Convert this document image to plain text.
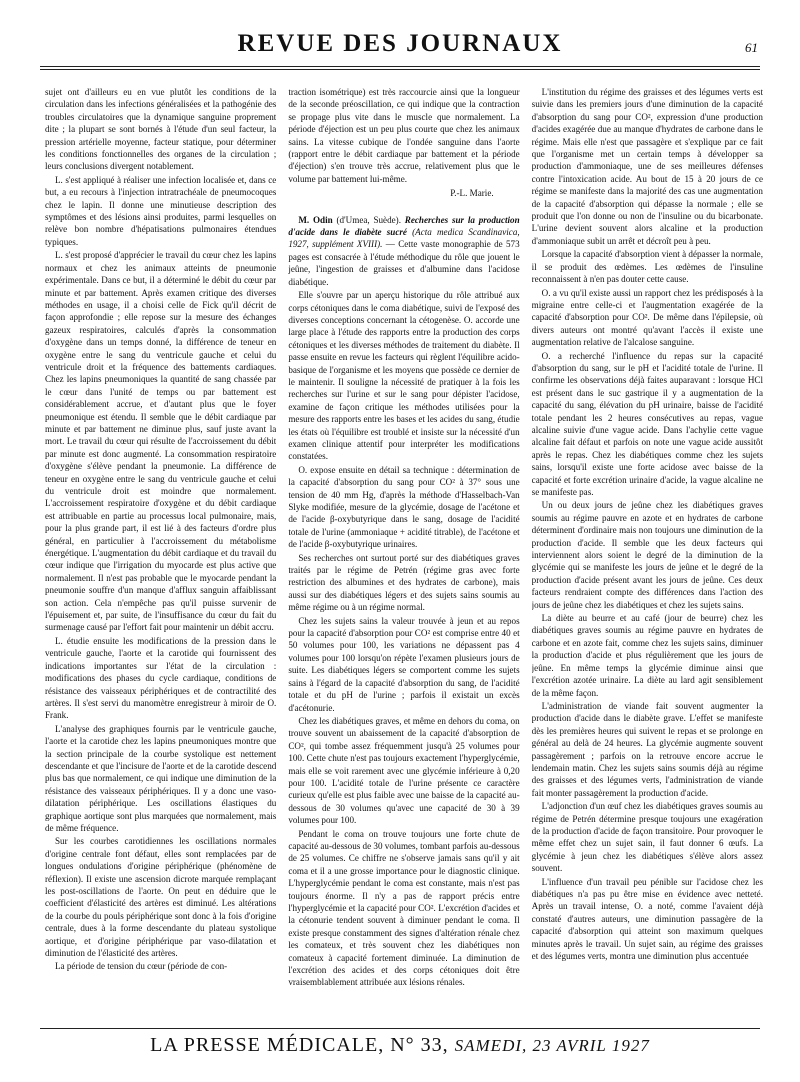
REVUE DES JOURNAUX	61

sujet ont d'ailleurs eu en vue plutôt les conditions de la circulation dans les infections généralisées et la pathogénie des troubles circulatoires que la dynamique sanguine proprement dite ; la plupart se sont bornés à l'étude d'un seul facteur, la pression artérielle moyenne, facteur statique, pour déterminer les conditions fonctionnelles des organes de la circulation ; leurs conclusions divergent notablement.

L. s'est appliqué à réaliser une infection localisée et, dans ce but, a eu recours à l'injection intratrachéale de pneumocoques chez le lapin. Il donne une minutieuse description des symptômes et des lésions ainsi produites, parmi lesquelles on relève bon nombre d'hépatisations pulmonaires étendues typiques.

L. s'est proposé d'apprécier le travail du cœur chez les lapins normaux et chez les animaux atteints de pneumonie expérimentale. Dans ce but, il a déterminé le débit du cœur par minute et par battement. Après examen critique des diverses méthodes en usage, il a choisi celle de Fick qu'il décrit de façon approfondie ; elle repose sur la mesure des échanges gazeux respiratoires, calculés d'après la consommation d'oxygène dans un temps donné, la différence de teneur en oxygène entre le sang du ventricule gauche et celui du ventricule droit et la fréquence des battements cardiaques. Chez les lapins pneumoniques la quantité de sang chassée par le cœur dans l'unité de temps ou par battement est considérablement accrue, et d'autant plus que le foyer pneumonique est étendu. Il semble que le débit cardiaque par minute et par battement ne diminue plus, sauf juste avant la mort. Le travail du cœur qui résulte de l'accroissement du débit par minute est donc augmenté. La consommation respiratoire d'oxygène s'élève pendant la pneumonie. La différence de teneur en oxygène entre le sang du ventricule gauche et celui du ventricule droit est moindre que normalement. L'accroissement respiratoire d'oxygène et du débit cardiaque est attribuable en partie au processus local pulmonaire, mais, pour la plus grande part, il est lié à des facteurs d'ordre plus général, en particulier à l'accroissement du métabolisme énergétique. L'augmentation du débit cardiaque et du travail du cœur indique que l'irrigation du myocarde est plus active que normalement. Il n'est pas probable que le myocarde pendant la pneumonie souffre d'un manque d'afflux sanguin affaiblissant son action. Cela n'empêche pas qu'il puisse survenir de l'épuisement et, par suite, de l'insuffisance du cœur du fait du surmenage causé par l'effort fait pour maintenir un débit accru.

L. étudie ensuite les modifications de la pression dans le ventricule gauche, l'aorte et la carotide qui fournissent des indications importantes sur l'état de la circulation : modifications des phases du cycle cardiaque, conditions de résistance des vaisseaux périphériques et de contractilité des artères. Il s'est servi du manomètre enregistreur à miroir de O. Frank.

L'analyse des graphiques fournis par le ventricule gauche, l'aorte et la carotide chez les lapins pneumoniques montre que la section principale de la courbe systolique est nettement descendante et que l'incisure de l'aorte et de la carotide descend plus bas que normalement, ce qui indique une diminution de la résistance des vaisseaux périphériques. Il y a donc une vaso-dilatation périphérique. Les oscillations élastiques du graphique aortique sont plus marquées que normalement, mais de même fréquence.

Sur les courbes carotidiennes les oscillations normales d'origine centrale font défaut, elles sont remplacées par de longues ondulations d'origine périphérique (phénomène de réflexion). Il existe une ascension dicrote marquée remplaçant les post-oscillations de l'aorte. On peut en déduire que le coefficient d'élasticité des artères est diminué. Les altérations de la courbe du pouls périphérique sont donc à la fois d'origine centrale, dues à la forme descendante du plateau systolique aortique, et d'origine périphérique par vaso-dilatation et diminution de l'élasticité des artères.

La période de tension du cœur (période de con-

traction isométrique) est très raccourcie ainsi que la longueur de la seconde préoscillation, ce qui indique que la contraction se propage plus vite dans le muscle que normalement. La période d'éjection est un peu plus courte que chez les animaux sains. La vitesse cubique de l'ondée sanguine dans l'aorte (rapport entre le débit cardiaque par battement et la période d'éjection) s'en trouve très accrue, relativement plus que le volume par battement lui-même.

P.-L. Marie.

M. Odin (d'Umea, Suède). Recherches sur la production d'acide dans le diabète sucré (Acta medica Scandinavica, 1927, supplément XVIII). — Cette vaste monographie de 573 pages est consacrée à l'étude méthodique du rôle que jouent le jeûne, l'ingestion de graisses et d'albumine dans l'acidose diabétique.

Elle s'ouvre par un aperçu historique du rôle attribué aux corps cétoniques dans le coma diabétique, suivi de l'exposé des diverses conceptions concernant la cétogenèse. O. accorde une large place à l'étude des rapports entre la production des corps cétoniques et les diverses méthodes de traitement du diabète. Il passe ensuite en revue les facteurs qui règlent l'équilibre acido-basique de l'organisme et les moyens que possède ce dernier de le maintenir. Il souligne la nécessité de pratiquer à la fois les recherches sur l'urine et sur le sang pour dépister l'acidose, examine de façon critique les méthodes utilisées pour la mesure des rapports entre les bases et les acides du sang, étudie les états où l'équilibre est troublé et insiste sur la nécessité d'un examen clinique attentif pour interpréter les modifications constatées.

O. expose ensuite en détail sa technique : détermination de la capacité d'absorption du sang pour CO² à 37° sous une tension de 40 mm Hg, d'après la méthode d'Hasselbach-Van Slyke modifiée, mesure de la glycémie, dosage de l'acétone et de l'acide β-oxybutyrique dans le sang, dosage de l'acidité totale de l'urine (ammoniaque + acidité titrable), de l'acétone et de l'acide β-oxybutyrique urinaires.

Ses recherches ont surtout porté sur des diabétiques graves traités par le régime de Petrén (régime gras avec forte restriction des albumines et des hydrates de carbone), mais aussi sur des diabétiques légers et des sujets sains soumis au même régime ou à un régime normal.

Chez les sujets sains la valeur trouvée à jeun et au repos pour la capacité d'absorption pour CO² est comprise entre 40 et 50 volumes pour 100, les variations ne dépassent pas 4 volumes pour 100 lorsqu'on répète l'examen plusieurs jours de suite. Les diabétiques légers se comportent comme les sujets sains à l'égard de la capacité d'absorption du sang, de l'acidité totale et du pH de l'urine ; parfois il existait un excès d'acétonurie.

Chez les diabétiques graves, et même en dehors du coma, on trouve souvent un abaissement de la capacité d'absorption de CO², qui tombe assez fréquemment jusqu'à 25 volumes pour 100. Cette chute n'est pas toujours exactement l'hyperglycémie, mais elle se voit rarement avec une glycémie inférieure à 0,20 pour 100. L'acidité totale de l'urine présente ce caractère curieux qu'elle est plus faible avec une baisse de la capacité au-dessous de 30 volumes qu'avec une capacité de 30 à 39 volumes pour 100.

Pendant le coma on trouve toujours une forte chute de capacité au-dessous de 30 volumes, tombant parfois au-dessous de 25 volumes. Ce chiffre ne s'observe jamais sans qu'il y ait coma et il a une grosse importance pour le diagnostic clinique. L'hyperglycémie pendant le coma est constante, mais n'est pas toujours énorme. Il n'y a pas de rapport précis entre l'hyperglycémie et la capacité pour CO². L'excrétion d'acides et la cétonurie tendent souvent à diminuer pendant le coma. Il existe presque constamment des signes d'altération rénale chez les comateux, et très souvent chez les diabétiques non comateux à capacité fortement diminuée. La diminution de l'excrétion des acides et des corps cétoniques doit être vraisemblablement attribuée aux lésions rénales.

L'institution du régime des graisses et des légumes verts est suivie dans les premiers jours d'une diminution de la capacité d'absorption du sang pour CO², expression d'une production d'acides exagérée due au manque d'hydrates de carbone dans le régime. Mais elle n'est que passagère et s'explique par ce fait que l'organisme met un certain temps à développer sa production d'ammoniaque, une de ses meilleures défenses contre l'intoxication acide. Au bout de 15 à 20 jours de ce régime se manifeste dans la majorité des cas une augmentation de la capacité d'absorption qui dépasse la normale ; elle se produit que l'on donne ou non de l'insuline ou du bicarbonate. L'urine devient souvent alors alcaline et la production d'ammoniaque subit un arrêt et décroît peu à peu.

Lorsque la capacité d'absorption vient à dépasser la normale, il se produit des œdèmes. Les œdèmes de l'insuline reconnaissent à n'en pas douter cette cause.

O. a vu qu'il existe aussi un rapport chez les prédisposés à la migraine entre celle-ci et l'augmentation exagérée de la capacité d'absorption pour CO². De même dans l'épilepsie, où divers auteurs ont montré qu'avant l'accès il existe une augmentation relative de l'alcalose sanguine.

O. a recherché l'influence du repas sur la capacité d'absorption du sang, sur le pH et l'acidité totale de l'urine. Il confirme les observations déjà faites auparavant : lorsque HCl est présent dans le suc gastrique il y a augmentation de la capacité du sang, élévation du pH urinaire, baisse de l'acidité totale pendant les 2 heures consécutives au repas, vague alcaline suivie d'une vague acide. Dans l'achylie cette vague alcaline fait défaut et parfois on note une vague acide aussitôt après le repas. Chez les diabétiques comme chez les sujets sains, lorsqu'il existe une forte acidose avec baisse de la capacité et forte excrétion urinaire d'acide, la vague alcaline ne se manifeste pas.

Un ou deux jours de jeûne chez les diabétiques graves soumis au régime pauvre en azote et en hydrates de carbone déterminent d'ordinaire mais non toujours une diminution de la production d'acide. Il semble que les deux facteurs qui interviennent alors soient le degré de la diminution de la glycémie qui se manifeste les jours de jeûne et le degré de la production d'acide présent avant les jours de jeûne. Ces deux facteurs rendraient compte des différences dans l'action des jours de jeûne chez les diabétiques et chez les sujets sains.

La diète au beurre et au café (jour de beurre) chez les diabétiques graves soumis au régime pauvre en hydrates de carbone et en azote fait, comme chez les sujets sains, diminuer la production d'acide et plus régulièrement que les jours de jeûne. En même temps la glycémie diminue ainsi que l'excrétion azotée urinaire. La diète au lard agit sensiblement de la même façon.

L'administration de viande fait souvent augmenter la production d'acide dans le diabète grave. L'effet se manifeste dès les premières heures qui suivent le repas et se prolonge en général au delà de 24 heures. La glycémie augmente souvent passagèrement ; parfois on la retrouve encore accrue le lendemain matin. Chez les sujets sains soumis déjà au régime des graisses et des légumes verts, l'administration de viande fait monter passagèrement la production d'acide.

L'adjonction d'un œuf chez les diabétiques graves soumis au régime de Petrén détermine presque toujours une exagération de la production d'acide de façon transitoire. Pour provoquer le même effet chez un sujet sain, il faut donner 6 œufs. La glycémie à jeun chez les diabétiques s'élève alors assez souvent.

L'influence d'un travail peu pénible sur l'acidose chez les diabétiques n'a pas pu être mise en évidence avec netteté. Après un travail intense, O. a noté, comme l'avaient déjà constaté d'autres auteurs, une diminution passagère de la capacité d'absorption qui atteint son maximum quelques minutes après le travail. Un sujet sain, au régime des graisses et des légumes verts, montra une diminution plus accentuée

LA PRESSE MÉDICALE, N° 33, SAMEDI, 23 AVRIL 1927
